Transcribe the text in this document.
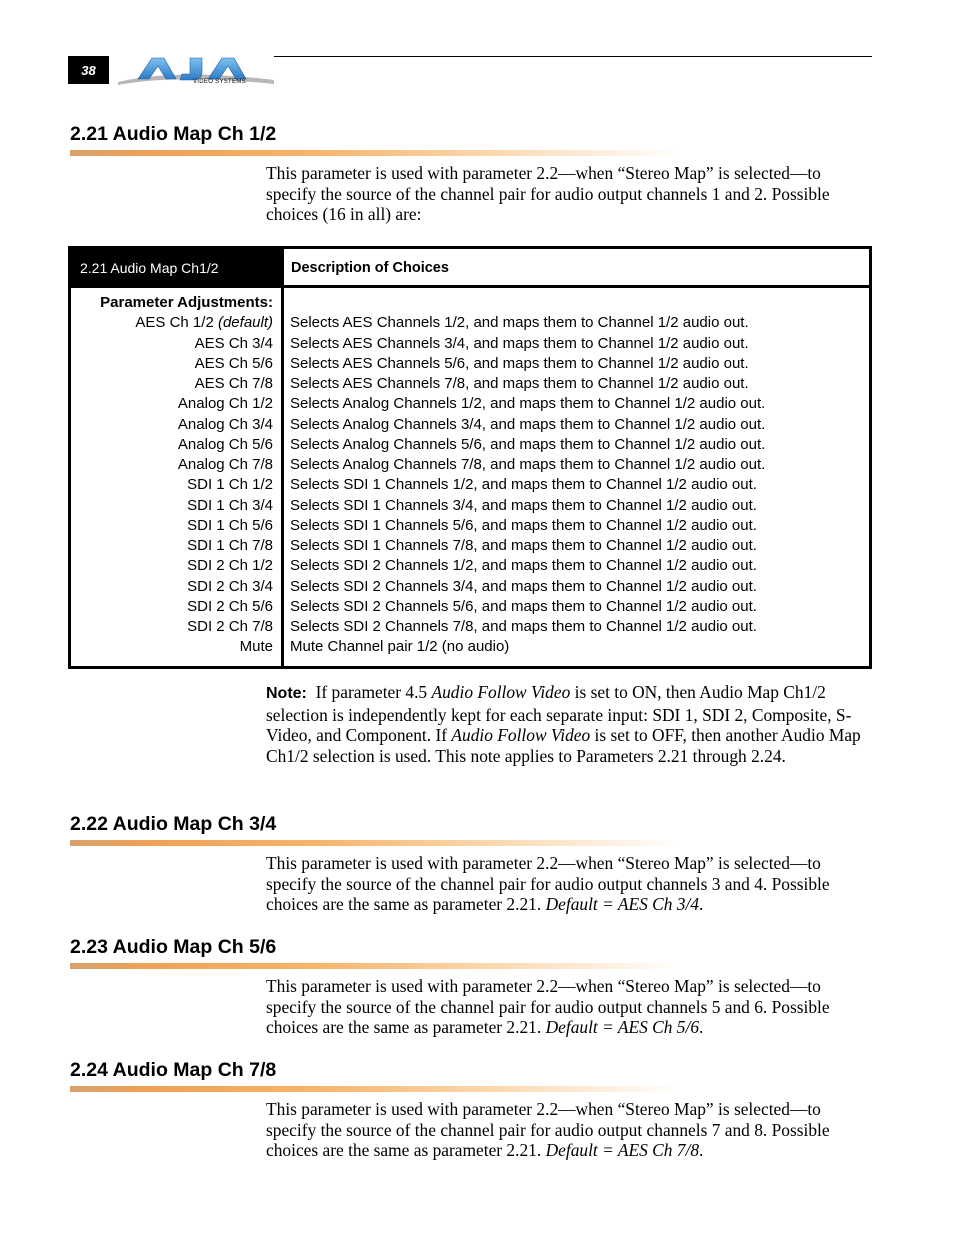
38
VIDEO SYSTEMS
2.21 Audio Map Ch 1/2
This parameter is used with parameter 2.2—when “Stereo Map” is selected—to specify the source of the channel pair for audio output channels 1 and 2. Possible choices (16 in all) are:
2.21 Audio Map Ch1/2	Description of Choices
Parameter Adjustments:
AES Ch 1/2 (default)
AES Ch 3/4
AES Ch 5/6
AES Ch 7/8
Analog Ch 1/2
Analog Ch 3/4
Analog Ch 5/6
Analog Ch 7/8
SDI 1 Ch 1/2
SDI 1 Ch 3/4
SDI 1 Ch 5/6
SDI 1 Ch 7/8
SDI 2 Ch 1/2
SDI 2 Ch 3/4
SDI 2 Ch 5/6
SDI 2 Ch 7/8
Mute
Selects AES Channels 1/2, and maps them to Channel 1/2 audio out.
Selects AES Channels 3/4, and maps them to Channel 1/2 audio out.
Selects AES Channels 5/6, and maps them to Channel 1/2 audio out.
Selects AES Channels 7/8, and maps them to Channel 1/2 audio out.
Selects Analog Channels 1/2, and maps them to Channel 1/2 audio out.
Selects Analog Channels 3/4, and maps them to Channel 1/2 audio out.
Selects Analog Channels 5/6, and maps them to Channel 1/2 audio out.
Selects Analog Channels 7/8, and maps them to Channel 1/2 audio out.
Selects SDI 1 Channels 1/2, and maps them to Channel 1/2 audio out.
Selects SDI 1 Channels 3/4, and maps them to Channel 1/2 audio out.
Selects SDI 1 Channels 5/6, and maps them to Channel 1/2 audio out.
Selects SDI 1 Channels 7/8, and maps them to Channel 1/2 audio out.
Selects SDI 2 Channels 1/2, and maps them to Channel 1/2 audio out.
Selects SDI 2 Channels 3/4, and maps them to Channel 1/2 audio out.
Selects SDI 2 Channels 5/6, and maps them to Channel 1/2 audio out.
Selects SDI 2 Channels 7/8, and maps them to Channel 1/2 audio out.
Mute Channel pair 1/2 (no audio)
Note: If parameter 4.5 Audio Follow Video is set to ON, then Audio Map Ch1/2 selection is independently kept for each separate input: SDI 1, SDI 2, Composite, S-Video, and Component. If Audio Follow Video is set to OFF, then another Audio Map Ch1/2 selection is used. This note applies to Parameters 2.21 through 2.24.
2.22 Audio Map Ch 3/4
This parameter is used with parameter 2.2—when “Stereo Map” is selected—to specify the source of the channel pair for audio output channels 3 and 4. Possible choices are the same as parameter 2.21. Default = AES Ch 3/4.
2.23 Audio Map Ch 5/6
This parameter is used with parameter 2.2—when “Stereo Map” is selected—to specify the source of the channel pair for audio output channels 5 and 6. Possible choices are the same as parameter 2.21. Default = AES Ch 5/6.
2.24 Audio Map Ch 7/8
This parameter is used with parameter 2.2—when “Stereo Map” is selected—to specify the source of the channel pair for audio output channels 7 and 8. Possible choices are the same as parameter 2.21. Default = AES Ch 7/8.
